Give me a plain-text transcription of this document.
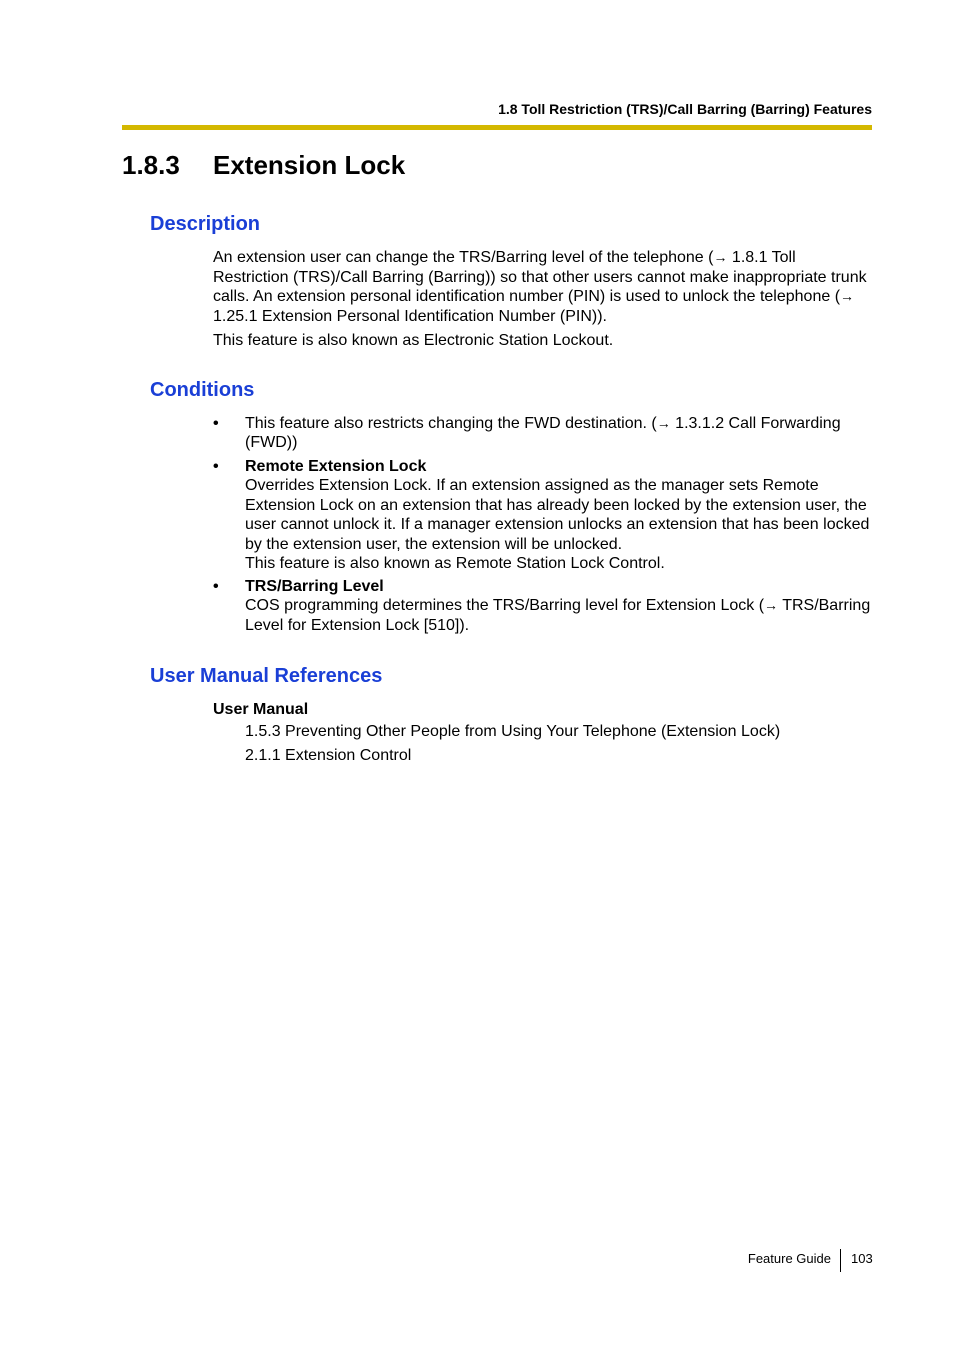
1.8 Toll Restriction (TRS)/Call Barring (Barring) Features
1.8.3 Extension Lock
Description

An extension user can change the TRS/Barring level of the telephone (→ 1.8.1 Toll Restriction (TRS)/Call Barring (Barring)) so that other users cannot make inappropriate trunk calls. An extension personal identification number (PIN) is used to unlock the telephone (→ 1.25.1 Extension Personal Identification Number (PIN)).

This feature is also known as Electronic Station Lockout.

Conditions
•	This feature also restricts changing the FWD destination. (→ 1.3.1.2 Call Forwarding (FWD))
•	Remote Extension Lock
Overrides Extension Lock. If an extension assigned as the manager sets Remote Extension Lock on an extension that has already been locked by the extension user, the user cannot unlock it. If a manager extension unlocks an extension that has been locked by the extension user, the extension will be unlocked.
This feature is also known as Remote Station Lock Control.
•	TRS/Barring Level
COS programming determines the TRS/Barring level for Extension Lock (→ TRS/Barring Level for Extension Lock [510]).
User Manual References
User Manual
1.5.3 Preventing Other People from Using Your Telephone (Extension Lock)
2.1.1 Extension Control
Feature Guide 103
